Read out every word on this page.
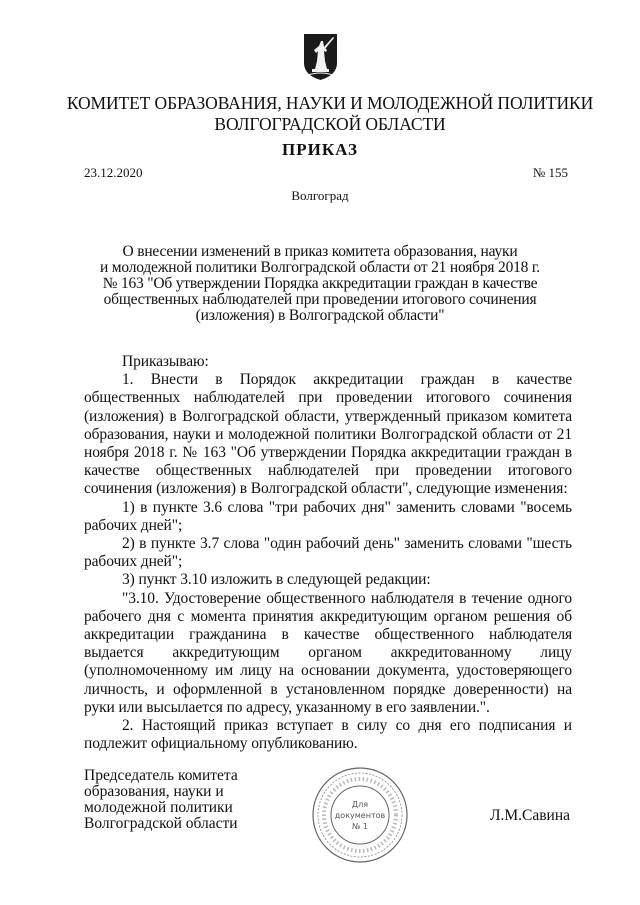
КОМИТЕТ ОБРАЗОВАНИЯ, НАУКИ И МОЛОДЕЖНОЙ ПОЛИТИКИ
ВОЛГОГРАДСКОЙ ОБЛАСТИ
ПРИКАЗ
23.12.2020	№ 155
Волгоград
О внесении изменений в приказ комитета образования, науки
и молодежной политики Волгоградской области от 21 ноября 2018 г.
№ 163 "Об утверждении Порядка аккредитации граждан в качестве
общественных наблюдателей при проведении итогового сочинения
(изложения) в Волгоградской области"

Приказываю:

1. Внести в Порядок аккредитации граждан в качестве общественных наблюдателей при проведении итогового сочинения (изложения) в Волгоградской области, утвержденный приказом комитета образования, науки и молодежной политики Волгоградской области от 21 ноября 2018 г. № 163 "Об утверждении Порядка аккредитации граждан в качестве общественных наблюдателей при проведении итогового сочинения (изложения) в Волгоградской области", следующие изменения:

1) в пункте 3.6 слова "три рабочих дня" заменить словами "восемь рабочих дней";

2) в пункте 3.7 слова "один рабочий день" заменить словами "шесть рабочих дней";

3) пункт 3.10 изложить в следующей редакции:

"3.10. Удостоверение общественного наблюдателя в течение одного рабочего дня с момента принятия аккредитующим органом решения об аккредитации гражданина в качестве общественного наблюдателя выдается аккредитующим органом аккредитованному лицу (уполномоченному им лицу на основании документа, удостоверяющего личность, и оформленной в установленном порядке доверенности) на руки или высылается по адресу, указанному в его заявлении.".

2. Настоящий приказ вступает в силу со дня его подписания и подлежит официальному опубликованию.

Председатель комитета
образования, науки и
молодежной политики
Волгоградской области
Для
документов
№ 1
Л.М.Савина
